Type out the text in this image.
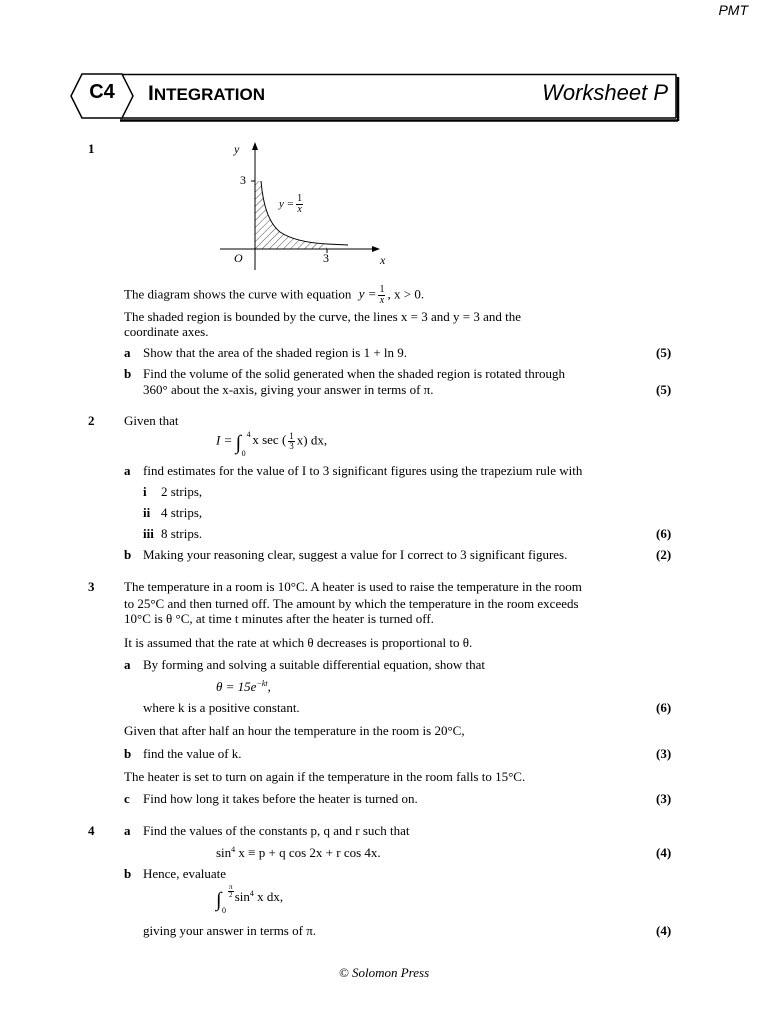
PMT
C4 INTEGRATION	Worksheet P
1	y
3
$y = \frac{1}{x}$
O	3	x
The diagram shows the curve with equation $y = \frac{1}{x}$ , x > 0.
The shaded region is bounded by the curve, the lines x = 3 and y = 3 and the
coordinate axes.
a Show that the area of the shaded region is 1 + ln 9.	(5)
b Find the volume of the solid generated when the shaded region is rotated through
360° about the x-axis, giving your answer in terms of π.	(5)
2 Given that
I = ∫ 4
0
x sec ( $\frac{1}{3} x$) dx,
a find estimates for the value of I to 3 significant figures using the trapezium rule with
i 2 strips,
ii 4 strips,
iii 8 strips.	(6)
b Making your reasoning clear, suggest a value for I correct to 3 significant figures.	(2)
3 The temperature in a room is 10°C. A heater is used to raise the temperature in the room
to 25°C and then turned off. The amount by which the temperature in the room exceeds
10°C is θ °C, at time t minutes after the heater is turned off.
It is assumed that the rate at which θ decreases is proportional to θ.
a By forming and solving a suitable differential equation, show that
$\theta = 15e^{-kt}$,
where k is a positive constant.	(6)
Given that after half an hour the temperature in the room is 20°C,
b find the value of k.	(3)
The heater is set to turn on again if the temperature in the room falls to 15°C.
c Find how long it takes before the heater is turned on.	(3)
4 a Find the values of the constants p, q and r such that
$\sin^4 x \equiv p + q$ cos 2x + r cos 4x.	(4)
b Hence, evaluate
∫ $\frac{\pi}{2}$
0
$\sin^4 x$ dx,
giving your answer in terms of π.	(4)
© Solomon Press
